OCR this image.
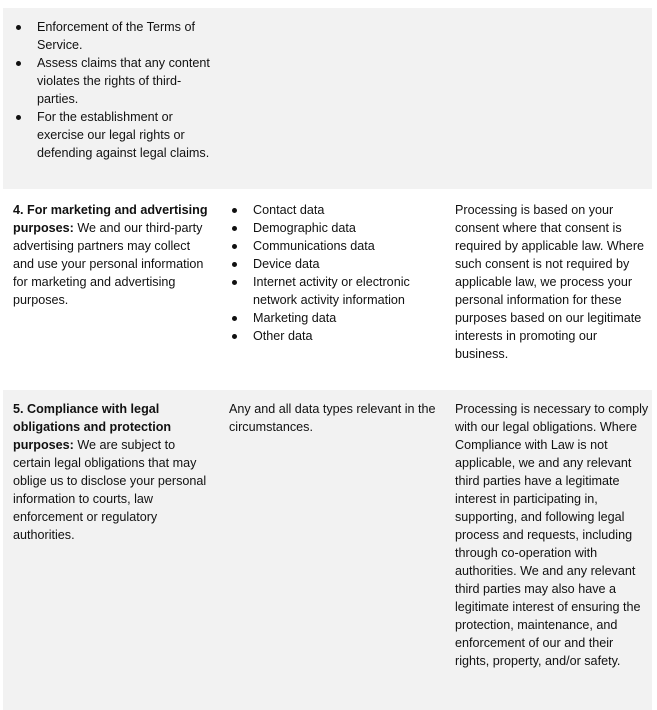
Enforcement of the Terms of Service.
Assess claims that any content violates the rights of third-parties.
For the establishment or exercise our legal rights or defending against legal claims.

4. For marketing and advertising purposes: We and our third-party advertising partners may collect and use your personal information for marketing and advertising purposes.

Contact data
Demographic data
Communications data
Device data
Internet activity or electronic network activity information
Marketing data
Other data

Processing is based on your consent where that consent is required by applicable law. Where such consent is not required by applicable law, we process your personal information for these purposes based on our legitimate interests in promoting our business.

5. Compliance with legal obligations and protection purposes: We are subject to certain legal obligations that may oblige us to disclose your personal information to courts, law enforcement or regulatory authorities.

Any and all data types relevant in the circumstances.

Processing is necessary to comply with our legal obligations. Where Compliance with Law is not applicable, we and any relevant third parties have a legitimate interest in participating in, supporting, and following legal process and requests, including through co-operation with authorities. We and any relevant third parties may also have a legitimate interest of ensuring the protection, maintenance, and enforcement of our and their rights, property, and/or safety.
